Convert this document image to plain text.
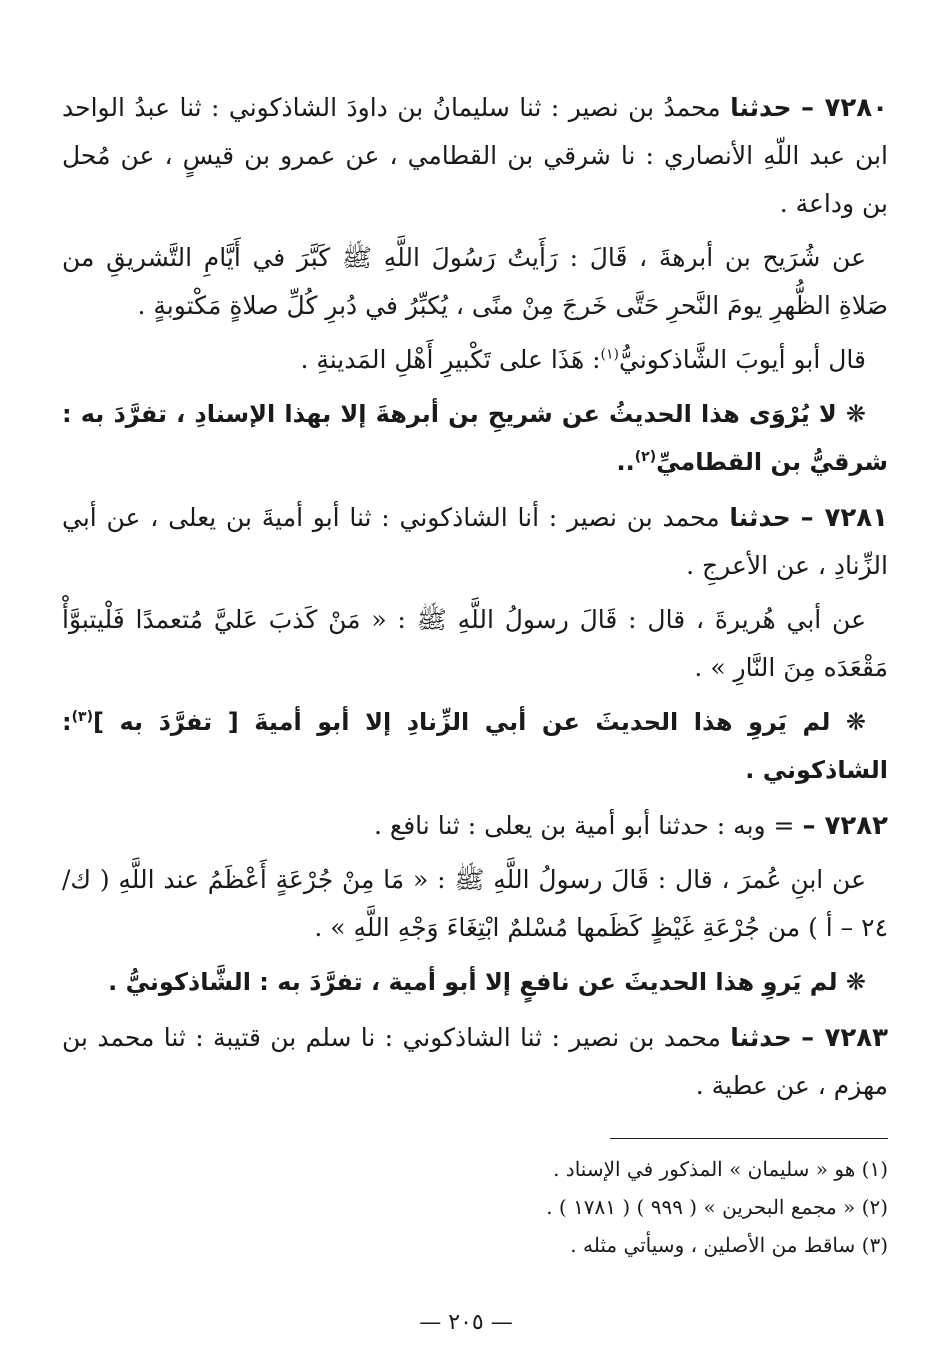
٧٢٨٠ – حدثنا محمدُ بن نصير : ثنا سليمانُ بن داودَ الشاذكوني : ثنا عبدُ الواحد ابن عبد اللّهِ الأنصاري : نا شرقي بن القطامي ، عن عمرو بن قيسٍ ، عن مُحل بن وداعة .

عن شُرَيح بن أبرهةَ ، قَالَ : رَأَيتُ رَسُولَ اللَّهِ ﷺ كَبَّرَ في أَيَّامِ التَّشريقِ من صَلاةِ الظُّهرِ يومَ النَّحرِ حَتَّى خَرجَ مِنْ منًى ، يُكبِّرُ في دُبرِ كُلِّ صلاةٍ مَكْتوبةٍ .

قال أبو أيوبَ الشَّاذكونيُّ$^{(١)}$: هَذَا على تَكْبيرِ أَهْلِ المَدينةِ .

❋ لا يُرْوَى هذا الحديثُ عن شريحِ بن أبرهةَ إلا بهذا الإسنادِ ، تفرَّدَ به : شرقيُّ بن القطاميِّ$^{(٢)}$..

٧٢٨١ – حدثنا محمد بن نصير : أنا الشاذكوني : ثنا أبو أميةَ بن يعلى ، عن أبي الزِّنادِ ، عن الأعرجِ .

عن أبي هُريرةَ ، قال : قَالَ رسولُ اللَّهِ ﷺ : « مَنْ كَذبَ عَليَّ مُتعمدًا فَلْيتبوَّأْ مَقْعَدَه مِنَ النَّارِ » .

❋ لم يَروِ هذا الحديثَ عن أبي الزِّنادِ إلا أبو أميةَ [ تفرَّدَ به ]$^{(٣)}$: الشاذكوني .

٧٢٨٢ – = وبه : حدثنا أبو أمية بن يعلى : ثنا نافع .

عن ابنِ عُمرَ ، قال : قَالَ رسولُ اللَّهِ ﷺ : « مَا مِنْ جُرْعَةٍ أَعْظَمُ عند اللَّهِ ( ك/٢٤ – أ ) من جُرْعَةِ غَيْظٍ كَظَمها مُسْلمٌ ابْتِغَاءَ وَجْهِ اللَّهِ » .

❋ لم يَروِ هذا الحديثَ عن نافعٍ إلا أبو أمية ، تفرَّدَ به : الشَّاذكونيُّ .

٧٢٨٣ – حدثنا محمد بن نصير : ثنا الشاذكوني : نا سلم بن قتيبة : ثنا محمد بن مهزم ، عن عطية .

(١) هو « سليمان » المذكور في الإسناد .

(٢) « مجمع البحرين » ( ٩٩٩ ) ( ١٧٨١ ) .

(٣) ساقط من الأصلين ، وسيأتي مثله .

— ٢٠٥ —
